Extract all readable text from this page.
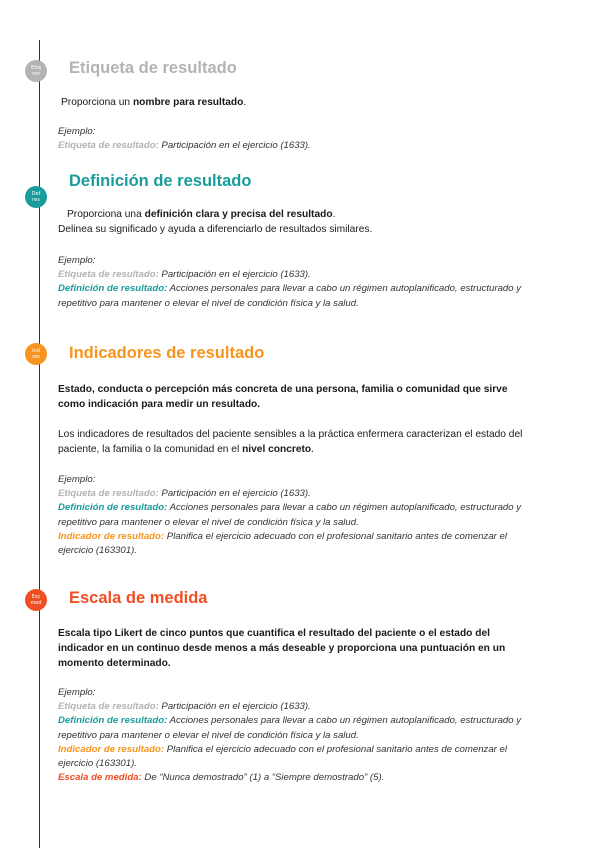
Etiq
res Etiqueta de resultado
Proporciona un nombre para resultado.
Ejemplo:
Etiqueta de resultado: Participación en el ejercicio (1633).
Def
res
Definición de resultado
Proporciona una definición clara y precisa del resultado.
Delinea su significado y ayuda a diferenciarlo de resultados similares.
Ejemplo:
Etiqueta de resultado: Participación en el ejercicio (1633).
Definición de resultado: Acciones personales para llevar a cabo un régimen autoplanificado, estructurado y repetitivo para mantener o elevar el nivel de condición física y la salud.
Ind
res Indicadores de resultado
Estado, conducta o percepción más concreta de una persona, familia o comunidad que sirve como indicación para medir un resultado.
Los indicadores de resultados del paciente sensibles a la práctica enfermera caracterizan el estado del paciente, la familia o la comunidad en el nivel concreto.
Ejemplo:
Etiqueta de resultado: Participación en el ejercicio (1633).
Definición de resultado: Acciones personales para llevar a cabo un régimen autoplanificado, estructurado y repetitivo para mantener o elevar el nivel de condición física y la salud.
Indicador de resultado: Planifica el ejercicio adecuado con el profesional sanitario antes de comenzar el ejercicio (163301).
Esc
med Escala de medida
Escala tipo Likert de cinco puntos que cuantifica el resultado del paciente o el estado del indicador en un continuo desde menos a más deseable y proporciona una puntuación en un momento determinado.
Ejemplo:
Etiqueta de resultado: Participación en el ejercicio (1633).
Definición de resultado: Acciones personales para llevar a cabo un régimen autoplanificado, estructurado y repetitivo para mantener o elevar el nivel de condición física y la salud.
Indicador de resultado: Planifica el ejercicio adecuado con el profesional sanitario antes de comenzar el ejercicio (163301).
Escala de medida: De “Nunca demostrado” (1) a “Siempre demostrado” (5).
